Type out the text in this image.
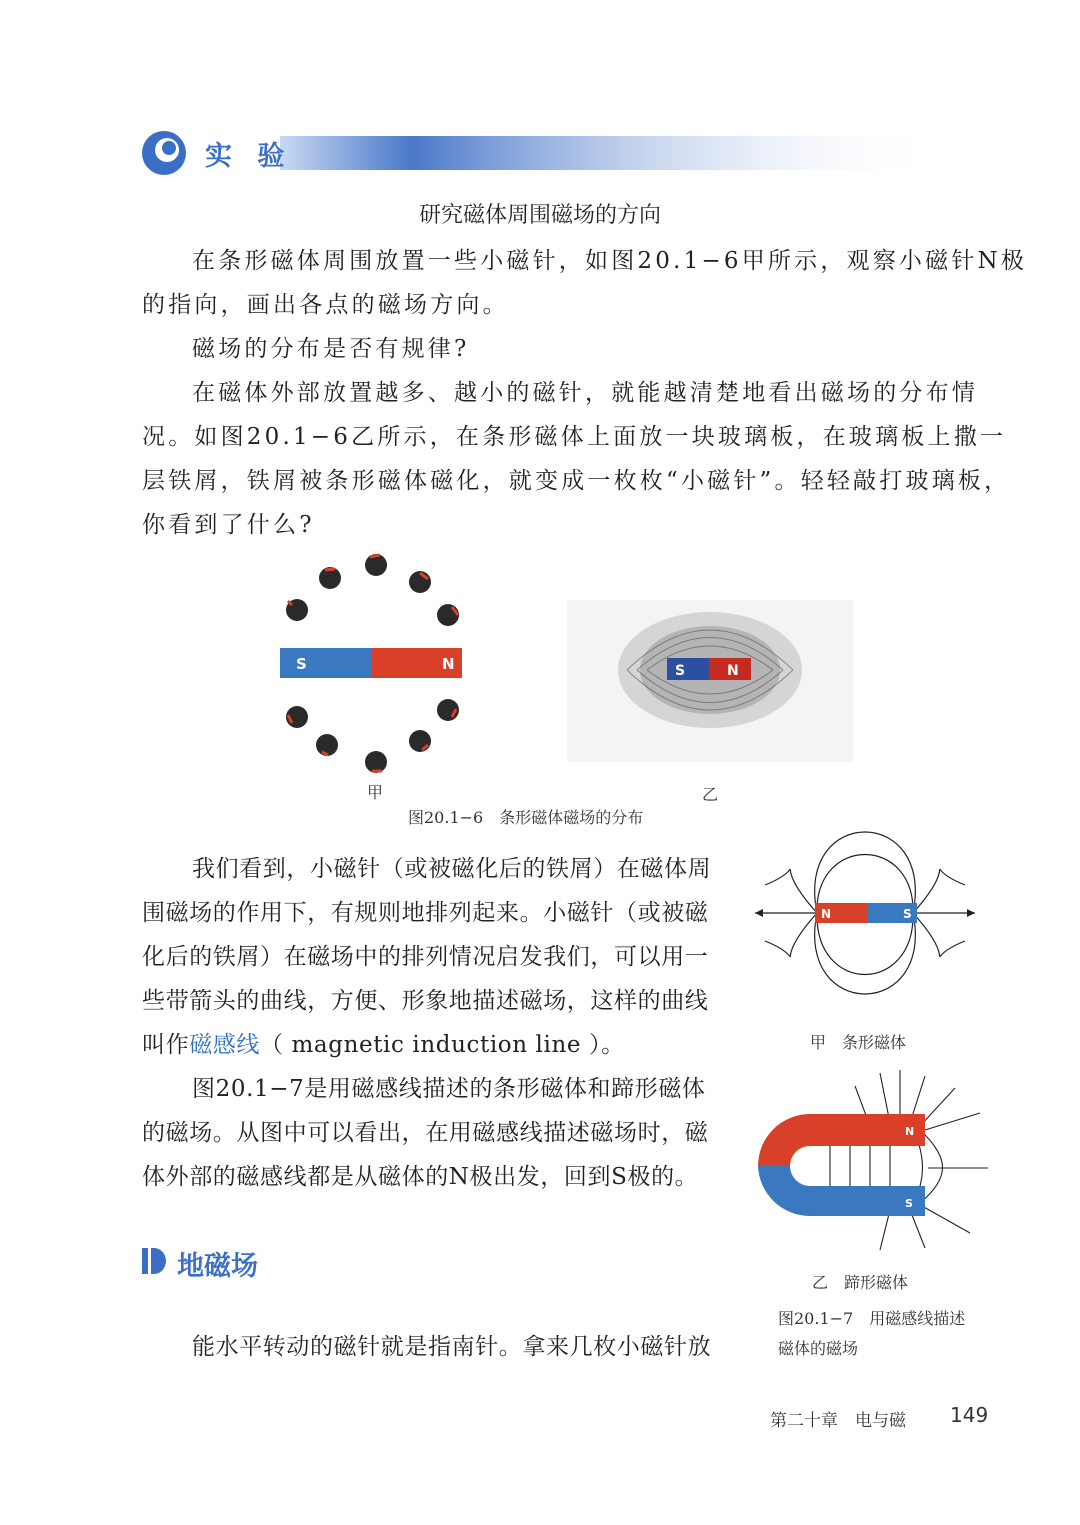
实 验
研究磁体周围磁场的方向

在条形磁体周围放置一些小磁针，如图20.1−6甲所示，观察小磁针N极

的指向，画出各点的磁场方向。

磁场的分布是否有规律?

在磁体外部放置越多、越小的磁针，就能越清楚地看出磁场的分布情

况。如图20.1−6乙所示，在条形磁体上面放一块玻璃板，在玻璃板上撒一

层铁屑，铁屑被条形磁体磁化，就变成一枚枚“小磁针”。轻轻敲打玻璃板，

你看到了什么?

S	N	S	N
甲	乙
图20.1−6　条形磁体磁场的分布

我们看到，小磁针（或被磁化后的铁屑）在磁体周

围磁场的作用下，有规则地排列起来。小磁针（或被磁

化后的铁屑）在磁场中的排列情况启发我们，可以用一

些带箭头的曲线，方便、形象地描述磁场，这样的曲线

叫作磁感线（ magnetic induction line ）。

图20.1−7是用磁感线描述的条形磁体和蹄形磁体

的磁场。从图中可以看出，在用磁感线描述磁场时，磁

体外部的磁感线都是从磁体的N极出发，回到S极的。

N	S
甲　条形磁体
N
S
乙　蹄形磁体
图20.1−7　用磁感线描述
磁体的磁场
地磁场

能水平转动的磁针就是指南针。拿来几枚小磁针放

第二十章　电与磁 149
